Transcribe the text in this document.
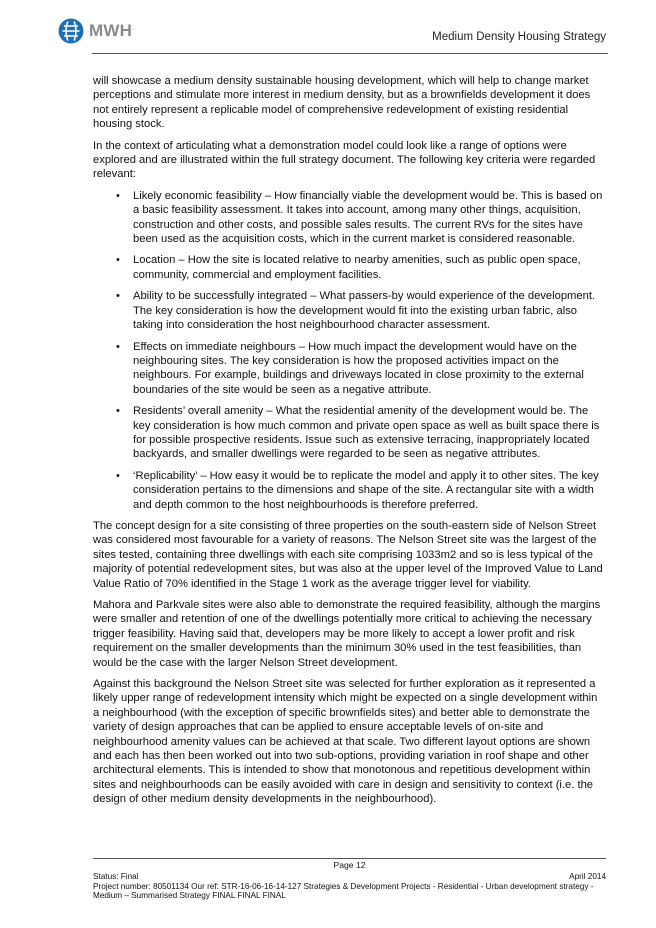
MWH.
Medium Density Housing Strategy

will showcase a medium density sustainable housing development, which will help to change market perceptions and stimulate more interest in medium density, but as a brownfields development it does not entirely represent a replicable model of comprehensive redevelopment of existing residential housing stock.

In the context of articulating what a demonstration model could look like a range of options were explored and are illustrated within the full strategy document. The following key criteria were regarded relevant:

• Likely economic feasibility – How financially viable the development would be. This is based on a basic feasibility assessment. It takes into account, among many other things, acquisition, construction and other costs, and possible sales results. The current RVs for the sites have been used as the acquisition costs, which in the current market is considered reasonable.
• Location – How the site is located relative to nearby amenities, such as public open space, community, commercial and employment facilities.
• Ability to be successfully integrated – What passers-by would experience of the development. The key consideration is how the development would fit into the existing urban fabric, also taking into consideration the host neighbourhood character assessment.
• Effects on immediate neighbours – How much impact the development would have on the neighbouring sites. The key consideration is how the proposed activities impact on the neighbours. For example, buildings and driveways located in close proximity to the external boundaries of the site would be seen as a negative attribute.
• Residents’ overall amenity – What the residential amenity of the development would be. The key consideration is how much common and private open space as well as built space there is for possible prospective residents. Issue such as extensive terracing, inappropriately located backyards, and smaller dwellings were regarded to be seen as negative attributes.
• ‘Replicability’ – How easy it would be to replicate the model and apply it to other sites. The key consideration pertains to the dimensions and shape of the site. A rectangular site with a width and depth common to the host neighbourhoods is therefore preferred.

The concept design for a site consisting of three properties on the south-eastern side of Nelson Street was considered most favourable for a variety of reasons. The Nelson Street site was the largest of the sites tested, containing three dwellings with each site comprising 1033m2 and so is less typical of the majority of potential redevelopment sites, but was also at the upper level of the Improved Value to Land Value Ratio of 70% identified in the Stage 1 work as the average trigger level for viability.

Mahora and Parkvale sites were also able to demonstrate the required feasibility, although the margins were smaller and retention of one of the dwellings potentially more critical to achieving the necessary trigger feasibility. Having said that, developers may be more likely to accept a lower profit and risk requirement on the smaller developments than the minimum 30% used in the test feasibilities, than would be the case with the larger Nelson Street development.

Against this background the Nelson Street site was selected for further exploration as it represented a likely upper range of redevelopment intensity which might be expected on a single development within a neighbourhood (with the exception of specific brownfields sites) and better able to demonstrate the variety of design approaches that can be applied to ensure acceptable levels of on-site and neighbourhood amenity values can be achieved at that scale. Two different layout options are shown and each has then been worked out into two sub-options, providing variation in roof shape and other architectural elements. This is intended to show that monotonous and repetitious development within sites and neighbourhoods can be easily avoided with care in design and sensitivity to context (i.e. the design of other medium density developments in the neighbourhood).

Page 12
Status: Final	April 2014
Project number: 80501134 Our ref: STR-16-06-16-14-127 Strategies & Development Projects - Residential - Urban development strategy -
Medium – Summarised Strategy FINAL FINAL FINAL
